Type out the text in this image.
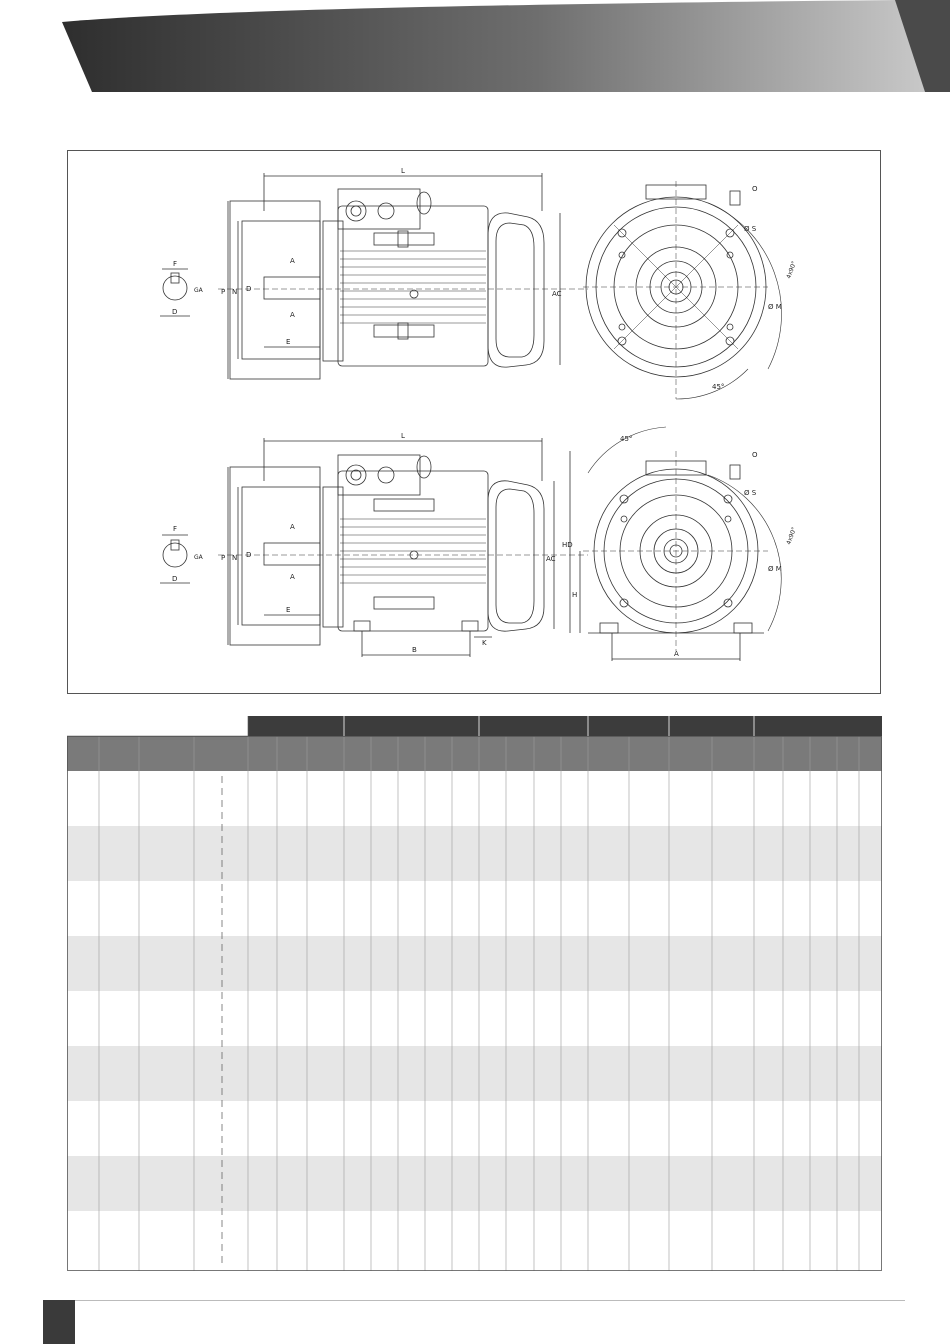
L
P N
E
D
A
A
AC
F
D
GA
O
Ø S
Ø M
45°
4x90°
L
P N
E
D
A
A
B
K
AC
F
D
GA
A
HD
H
45°
O
Ø S
Ø M
4x90°
